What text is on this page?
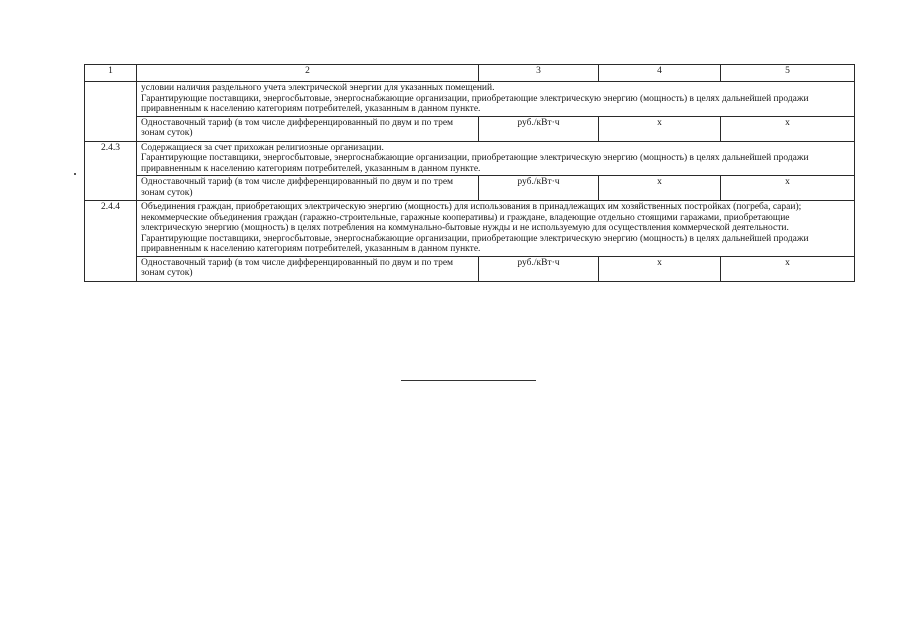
1	2	3	4	5

	условии наличия раздельного учета электрической энергии для указанных помещений.

Гарантирующие поставщики, энергосбытовые, энергоснабжающие организации, приобретающие электрическую энергию (мощность) в целях дальнейшей продажи приравненным к населению категориям потребителей, указанным в данном пункте.			

	Одноставочный тариф (в том числе дифференцированный по двум и по трем зонам суток)	руб./кВт·ч	x	x
2.4.3	Содержащиеся за счет прихожан религиозные организации.

Гарантирующие поставщики, энергосбытовые, энергоснабжающие организации, приобретающие электрическую энергию (мощность) в целях дальнейшей продажи приравненным к населению категориям потребителей, указанным в данном пункте.			

	Одноставочный тариф (в том числе дифференцированный по двум и по трем зонам суток)	руб./кВт·ч	x	x
2.4.4	Объединения граждан, приобретающих электрическую энергию (мощность) для использования в принадлежащих им хозяйственных постройках (погреба, сараи); некоммерческие объединения граждан (гаражно-строительные, гаражные кооперативы) и граждане, владеющие отдельно стоящими гаражами, приобретающие электрическую энергию (мощность) в целях потребления на коммунально-бытовые нужды и не используемую для осуществления коммерческой деятельности.

Гарантирующие поставщики, энергосбытовые, энергоснабжающие организации, приобретающие электрическую энергию (мощность) в целях дальнейшей продажи приравненным к населению категориям потребителей, указанным в данном пункте.			

	Одноставочный тариф (в том числе дифференцированный по двум и по трем зонам суток)	руб./кВт·ч	x	x
